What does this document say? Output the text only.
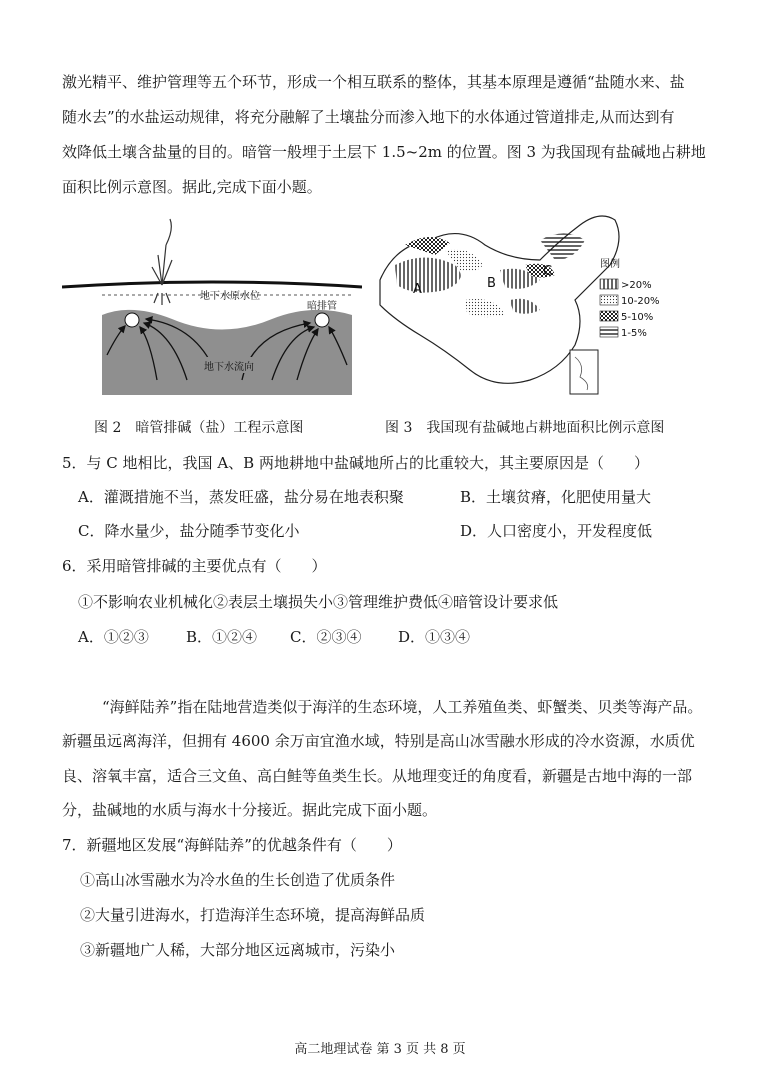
激光精平、维护管理等五个环节，形成一个相互联系的整体，其基本原理是遵循“盐随水来、盐
随水去”的水盐运动规律，将充分融解了土壤盐分而渗入地下的水体通过管道排走,从而达到有
效降低土壤含盐量的目的。暗管一般埋于土层下 1.5~2m 的位置。图 3 为我国现有盐碱地占耕地
面积比例示意图。据此,完成下面小题。
地下水原水位
暗排管
地下水流向
A	B
C	图例
>20%
10-20%
5-10%
1-5%
图 2　暗管排碱（盐）工程示意图	图 3　我国现有盐碱地占耕地面积比例示意图
5．与 C 地相比，我国 A、B 两地耕地中盐碱地所占的比重较大，其主要原因是（　　）
A．灌溉措施不当，蒸发旺盛，盐分易在地表积聚	B．土壤贫瘠，化肥使用量大
C．降水量少，盐分随季节变化小	D．人口密度小，开发程度低
6．采用暗管排碱的主要优点有（　　）
①不影响农业机械化②表层土壤损失小③管理维护费低④暗管设计要求低
A．①②③ B．①②④ C．②③④ D．①③④
“海鲜陆养”指在陆地营造类似于海洋的生态环境，人工养殖鱼类、虾蟹类、贝类等海产品。
新疆虽远离海洋，但拥有 4600 余万亩宜渔水域，特别是高山冰雪融水形成的冷水资源，水质优
良、溶氧丰富，适合三文鱼、高白鲑等鱼类生长。从地理变迁的角度看，新疆是古地中海的一部
分，盐碱地的水质与海水十分接近。据此完成下面小题。
7．新疆地区发展“海鲜陆养”的优越条件有（　　）
①高山冰雪融水为冷水鱼的生长创造了优质条件
②大量引进海水，打造海洋生态环境，提高海鲜品质
③新疆地广人稀，大部分地区远离城市，污染小
高二地理试卷 第 3 页 共 8 页
